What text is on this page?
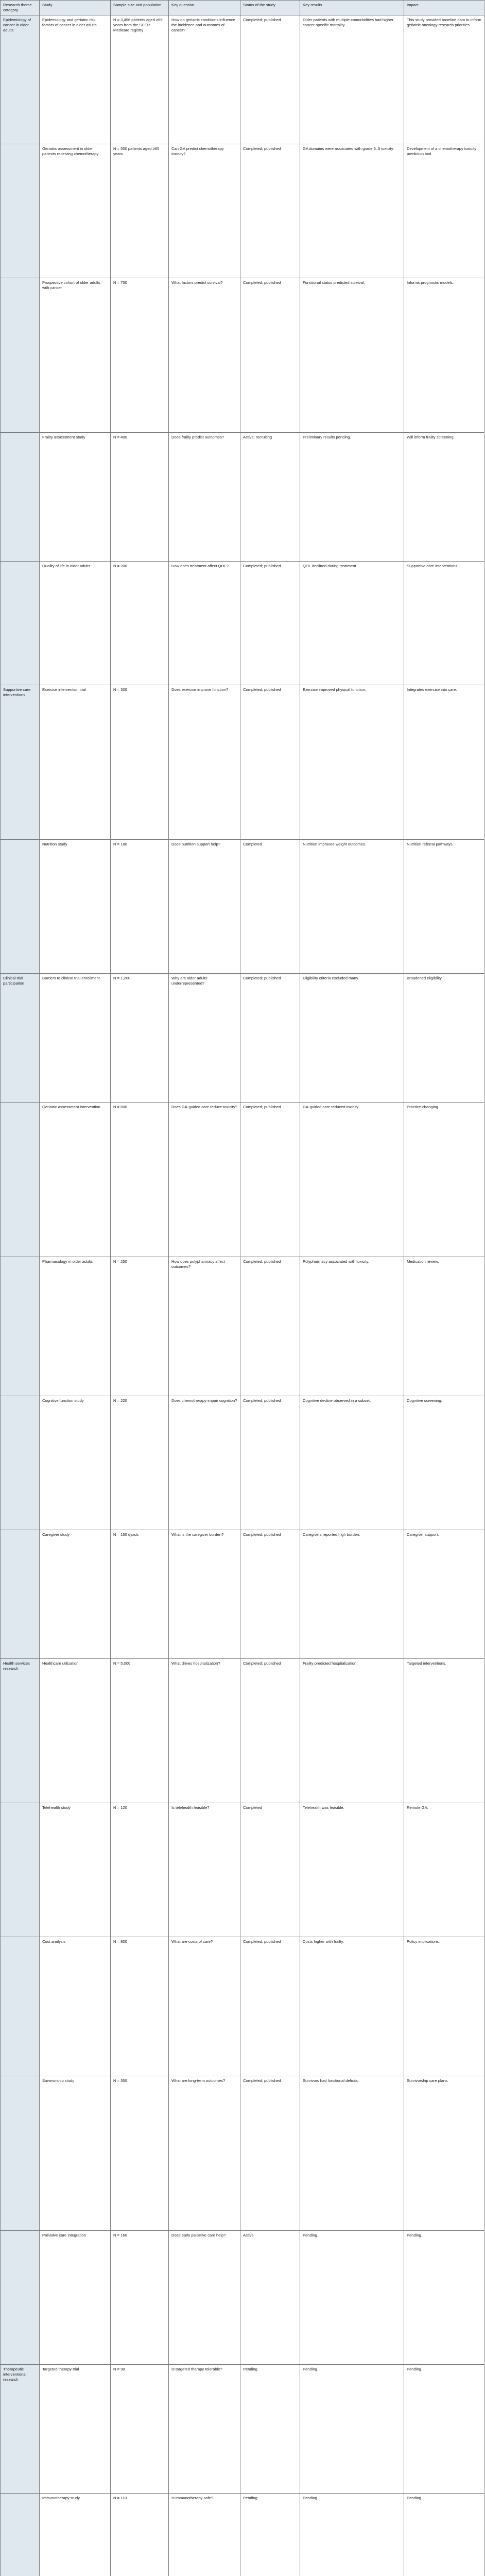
Research theme category	Study	Sample size and population	Key question	Status of the study	Key results	Impact
Epidemiology of cancer in older adults	Epidemiology and geriatric risk factors of cancer in older adults	N = 3,456 patients aged ≥65 years from the SEER-Medicare registry	How do geriatric conditions influence the incidence and outcomes of cancer?	Completed; published	Older patients with multiple comorbidities had higher cancer-specific mortality.	This study provided baseline data to inform geriatric oncology research priorities.
	Geriatric assessment in older patients receiving chemotherapy	N = 500 patients aged ≥65 years	Can GA predict chemotherapy toxicity?	Completed; published	GA domains were associated with grade 3–5 toxicity.	Development of a chemotherapy toxicity prediction tool.
	Prospective cohort of older adults with cancer	N = 750	What factors predict survival?	Completed; published	Functional status predicted survival.	Informs prognostic models.
	Frailty assessment study	N = 400	Does frailty predict outcomes?	Active; recruiting	Preliminary results pending.	Will inform frailty screening.
	Quality of life in older adults	N = 200	How does treatment affect QOL?	Completed; published	QOL declined during treatment.	Supportive care interventions.
Supportive care interventions	Exercise intervention trial	N = 300	Does exercise improve function?	Completed; published	Exercise improved physical function.	Integrates exercise into care.
	Nutrition study	N = 180	Does nutrition support help?	Completed	Nutrition improved weight outcomes.	Nutrition referral pathways.
Clinical trial participation	Barriers to clinical trial enrollment	N = 1,200	Why are older adults underrepresented?	Completed; published	Eligibility criteria excluded many.	Broadened eligibility.
	Geriatric assessment intervention	N = 600	Does GA-guided care reduce toxicity?	Completed; published	GA-guided care reduced toxicity.	Practice-changing.
	Pharmacology in older adults	N = 250	How does polypharmacy affect outcomes?	Completed; published	Polypharmacy associated with toxicity.	Medication review.
	Cognitive function study	N = 220	Does chemotherapy impair cognition?	Completed; published	Cognitive decline observed in a subset.	Cognitive screening.
	Caregiver study	N = 150 dyads	What is the caregiver burden?	Completed; published	Caregivers reported high burden.	Caregiver support.
Health services research	Healthcare utilization	N = 5,000	What drives hospitalization?	Completed; published	Frailty predicted hospitalization.	Targeted interventions.
	Telehealth study	N = 120	Is telehealth feasible?	Completed	Telehealth was feasible.	Remote GA.
	Cost analysis	N = 800	What are costs of care?	Completed; published	Costs higher with frailty.	Policy implications.
	Survivorship study	N = 350	What are long-term outcomes?	Completed; published	Survivors had functional deficits.	Survivorship care plans.
	Palliative care integration	N = 160	Does early palliative care help?	Active	Pending.	Pending.
Therapeutic interventional research	Targeted therapy trial	N = 90	Is targeted therapy tolerable?	Pending	Pending.	Pending.
	Immunotherapy study	N = 110	Is immunotherapy safe?	Pending	Pending.	Pending.
